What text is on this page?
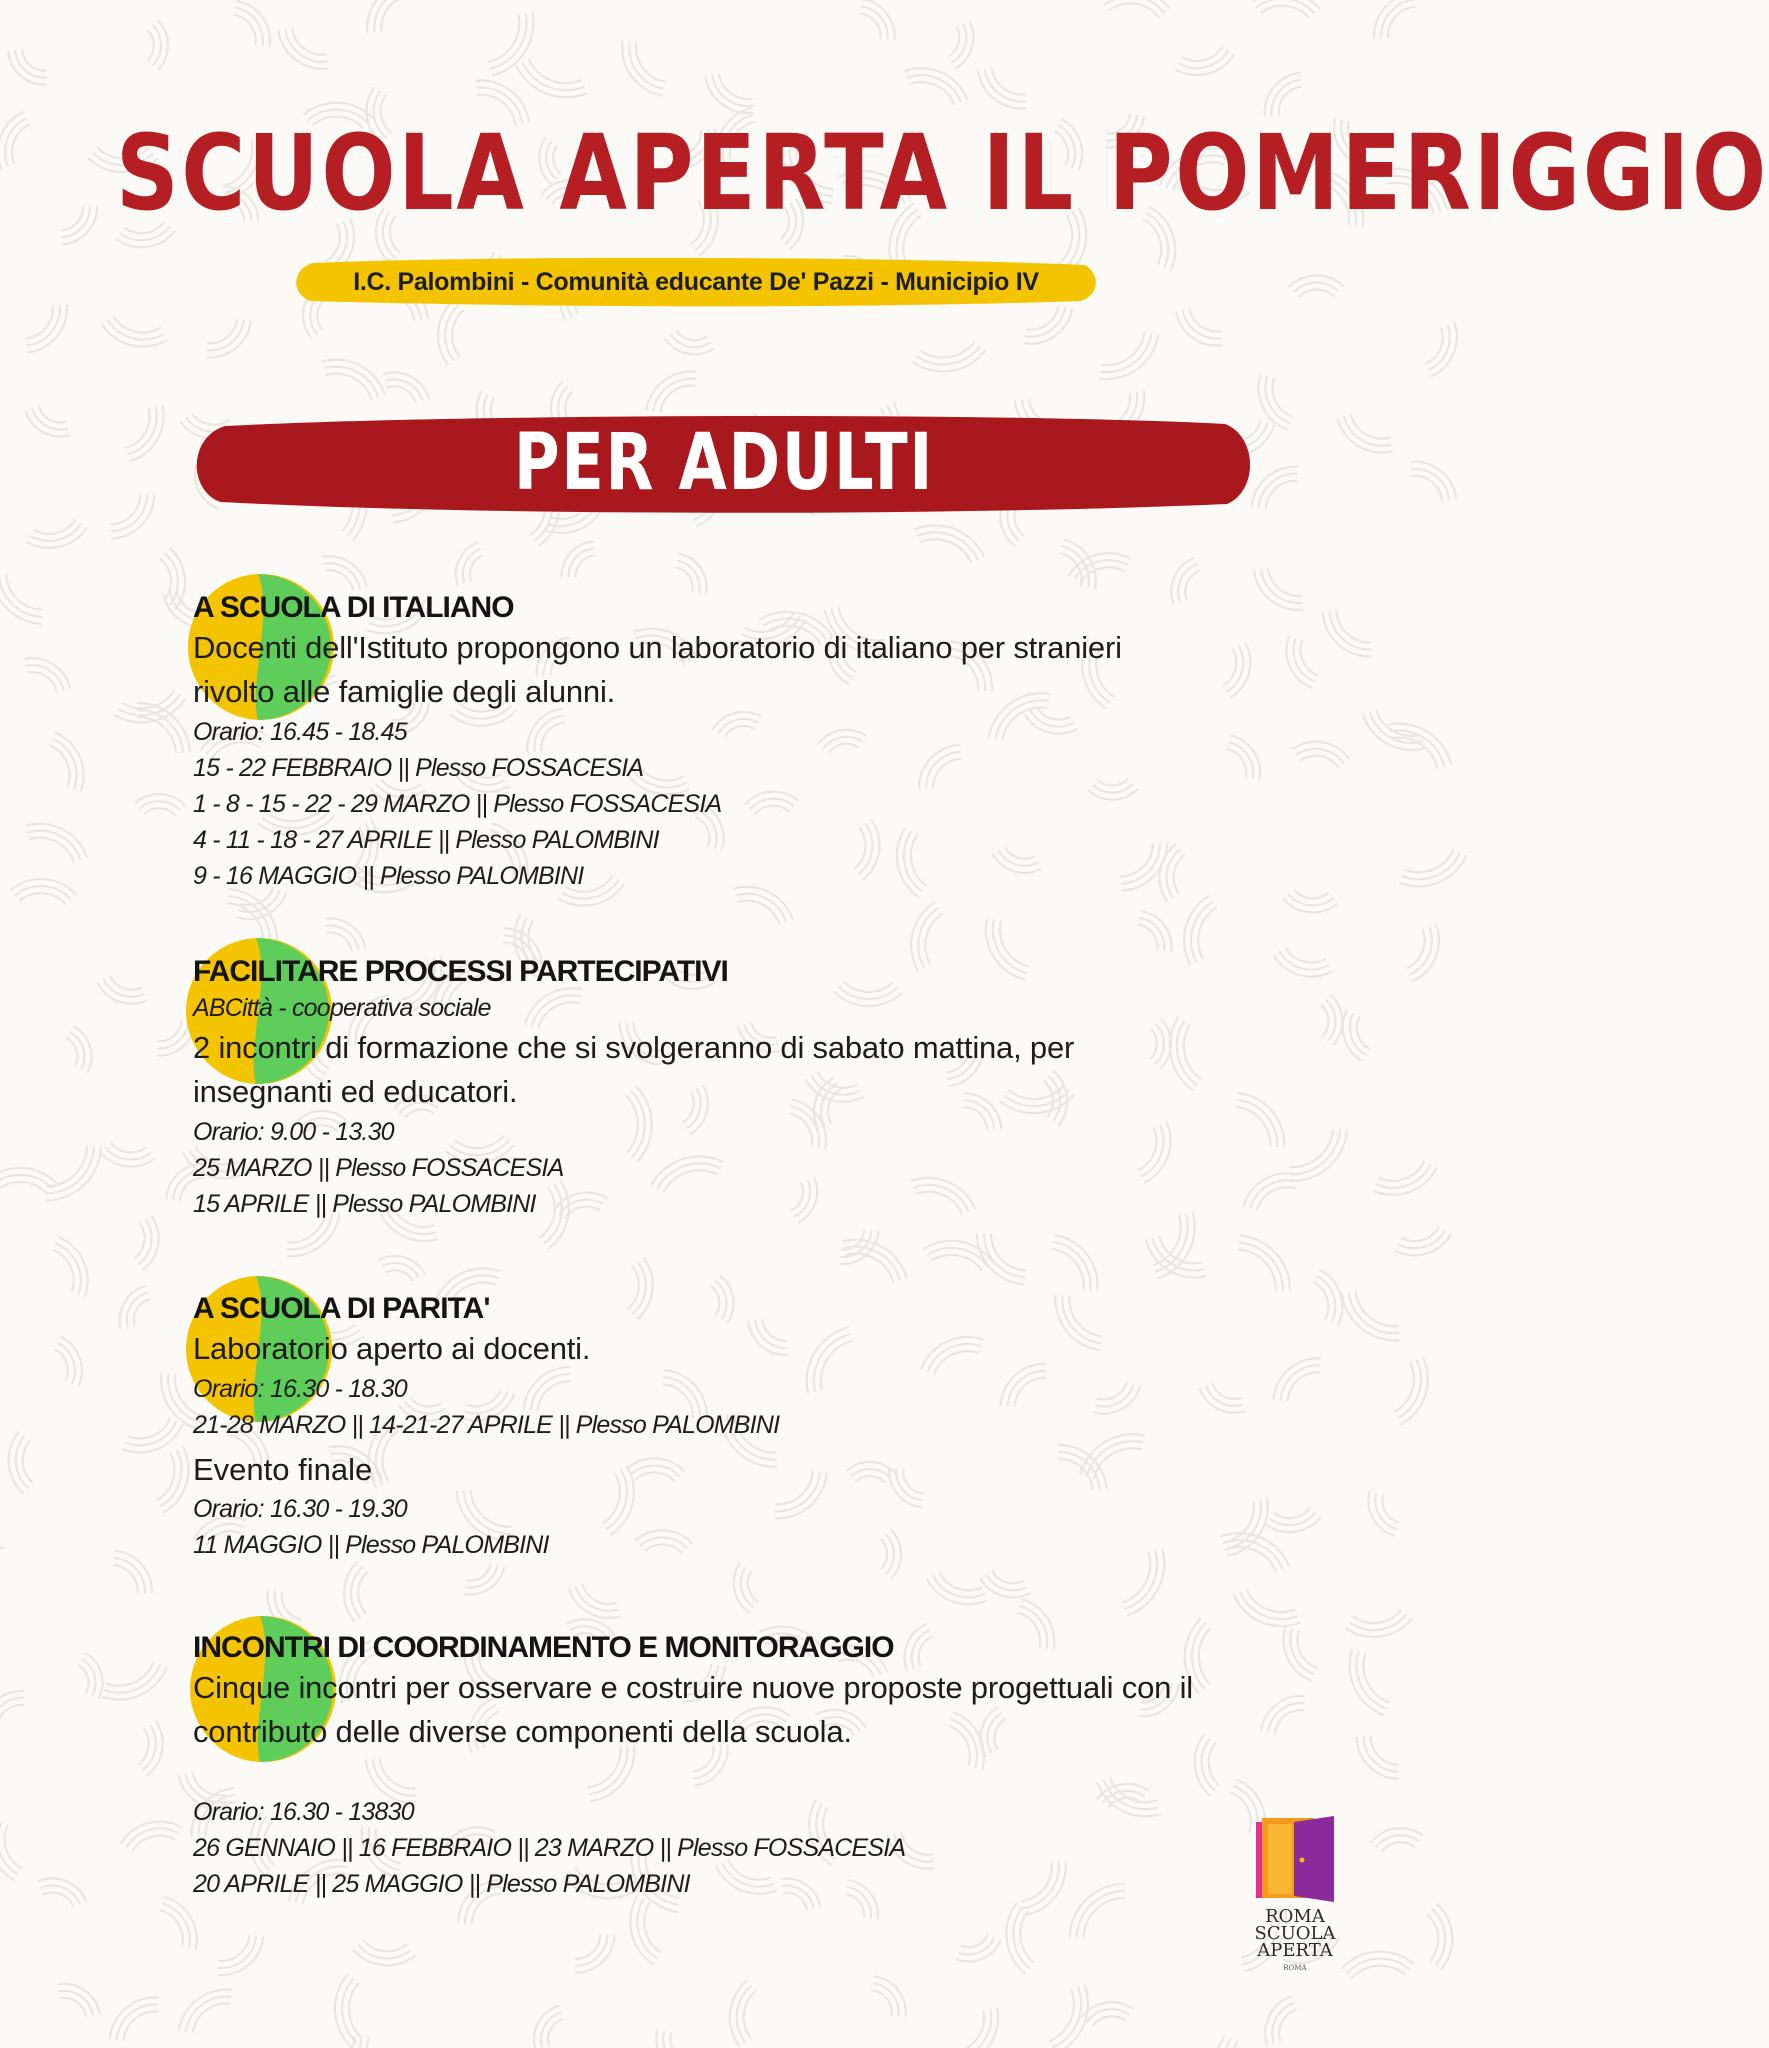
SCUOLA APERTA IL POMERIGGIO
I.C. Palombini - Comunità educante De' Pazzi - Municipio IV
PER ADULTI
A SCUOLA DI ITALIANO
Docenti dell'Istituto propongono un laboratorio di italiano per stranieri rivolto alle famiglie degli alunni.
Orario: 16.45 - 18.45
15 - 22 FEBBRAIO || Plesso FOSSACESIA
1 - 8 - 15 - 22 - 29 MARZO || Plesso FOSSACESIA
4 - 11 - 18 - 27 APRILE || Plesso PALOMBINI
9 - 16 MAGGIO || Plesso PALOMBINI
FACILITARE PROCESSI PARTECIPATIVI
ABCittà - cooperativa sociale
2 incontri di formazione che si svolgeranno di sabato mattina, per insegnanti ed educatori.
Orario: 9.00 - 13.30
25 MARZO || Plesso FOSSACESIA
15 APRILE || Plesso PALOMBINI
A SCUOLA DI PARITA'
Laboratorio aperto ai docenti.
Orario: 16.30 - 18.30
21-28 MARZO || 14-21-27 APRILE || Plesso PALOMBINI
Evento finale
Orario: 16.30 - 19.30
11 MAGGIO || Plesso PALOMBINI
INCONTRI DI COORDINAMENTO E MONITORAGGIO
Cinque incontri per osservare e costruire nuove proposte progettuali con il contributo delle diverse componenti della scuola.
Orario: 16.30 - 13830
26 GENNAIO || 16 FEBBRAIO || 23 MARZO || Plesso FOSSACESIA
20 APRILE || 25 MAGGIO || Plesso PALOMBINI
ROMA
SCUOLA
APERTA
ROMA
